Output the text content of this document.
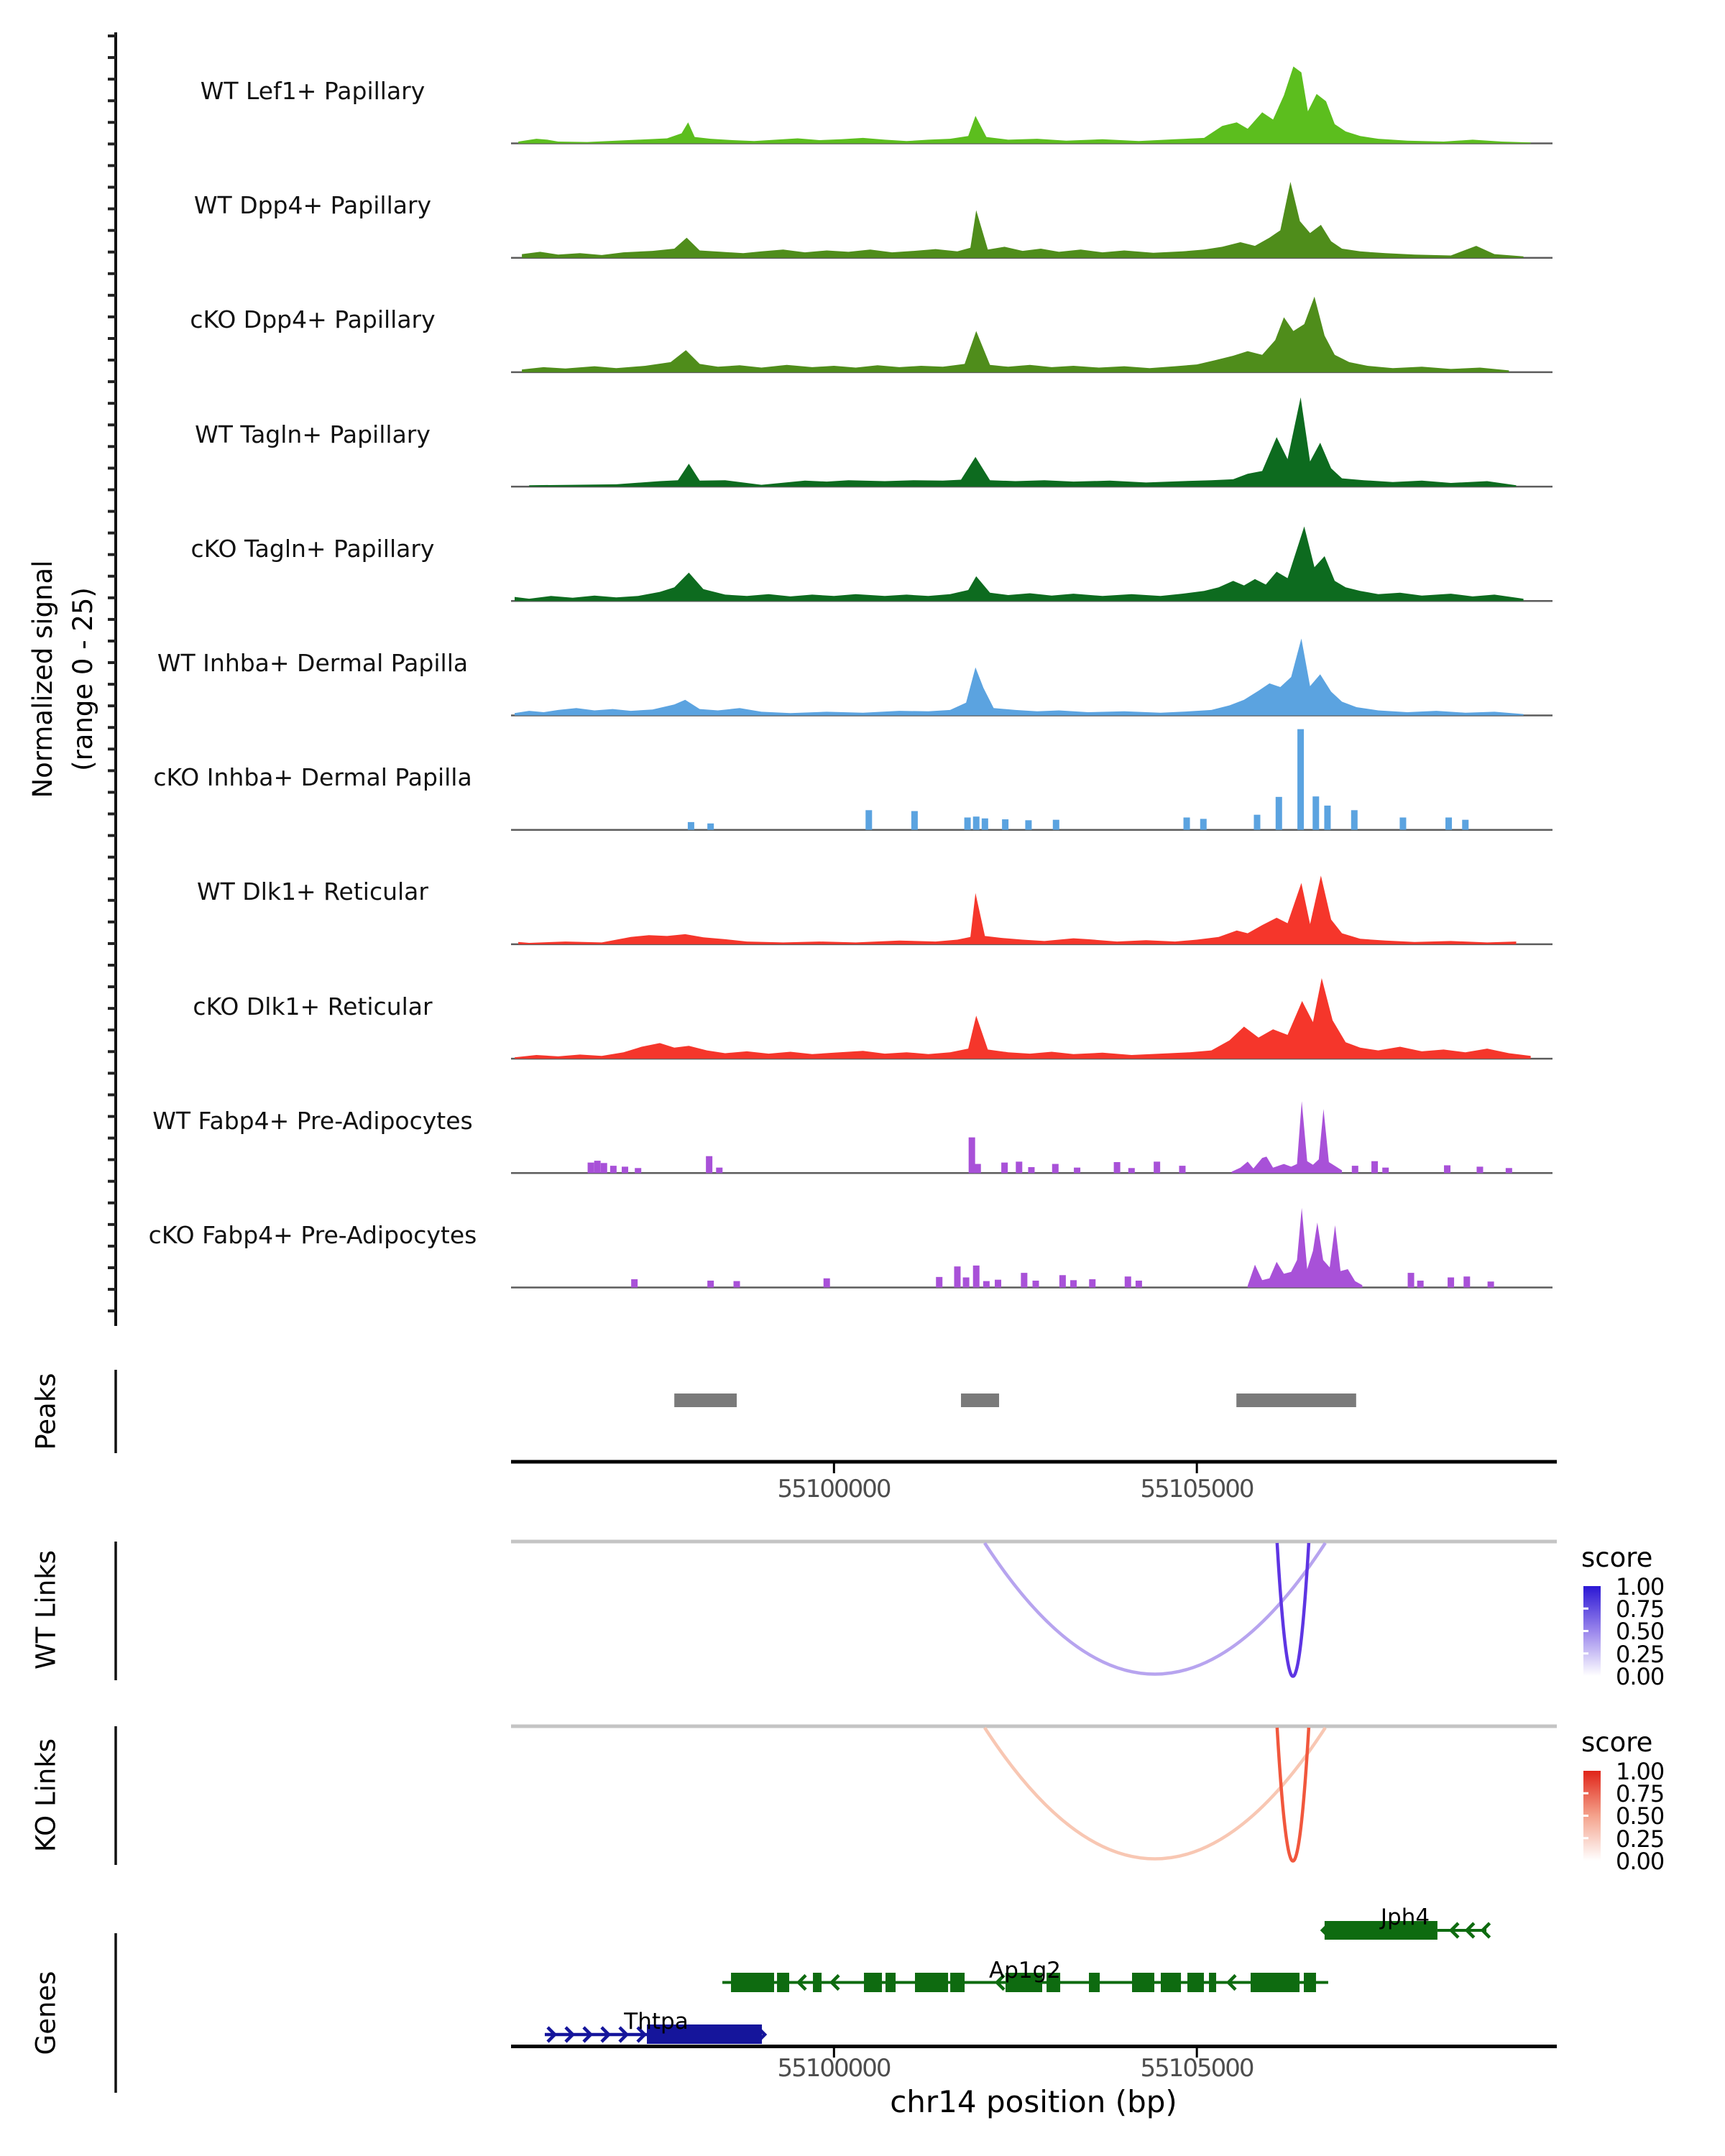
Normalized signal (range 0 - 25)
Peaks
WT Links
KO Links
Genes
WT Lef1+ Papillary
WT Dpp4+ Papillary
cKO Dpp4+ Papillary
WT Tagln+ Papillary
cKO Tagln+ Papillary
WT Inhba+ Dermal Papilla
cKO Inhba+ Dermal Papilla
WT Dlk1+ Reticular
cKO Dlk1+ Reticular
WT Fabp4+ Pre-Adipocytes
cKO Fabp4+ Pre-Adipocytes
55100000	55105000
score
1.00
0.75
0.50
0.25
0.00
score
1.00
0.75
0.50
0.25
0.00
Jph4
Ap1g2
Thtpa
55100000	55105000
chr14 position (bp)
